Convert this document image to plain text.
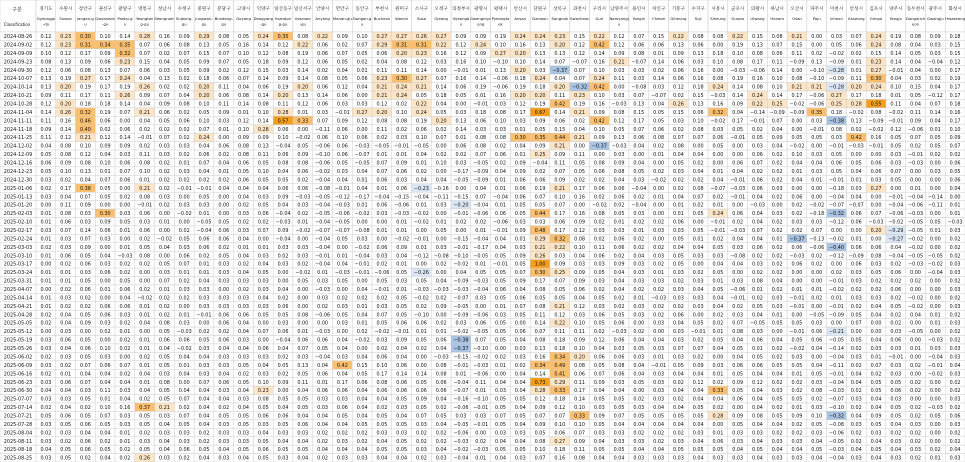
경기도
Gyeonggi
-do
수원시
Suwon
장안구
Jangan-g
u
권선구
Gwonseon
-gu
팔달구
Paldal-g
u
영통구
Yeongton
g-gu
성남시
Seongnam
수정구
Sujeong-
gu
중원구
Jungwon-
gu
분당구
Bundang-
gu
고양시
Goyang
덕양구
Deogyang
-gu
일산동구
Ilsandon
g-gu
일산서구
Ilsanseo
-gu
안양시
Anyang
만안구
Manan-gu
동안구
Dongan-g
u
부천시
Bucheon
원미구
Wonmi
소사구
Sosa
오정구
Ojeong
의정부시
Uijeongb
u
광명시
Gwangmye
ong
평택시
Pyeongta
ek
안산시
Ansan
단원구
Danwon
상록구
Sangnok
과천시
Gwacheon
구리시
Guri
남양주시
Namyangj
u
용인시
Yongin
처인구
Cheoin
기흥구
Giheung
수지구
Suji
시흥시
Siheung
군포시
Gunpo
의왕시
Uiwang
하남시
Hanam
오산시
Osan
파주시
Paju
이천시
Icheon
안성시
Anseong
김포시
Gimpo
양주시
Yangju
동두천시
Dongduch
eon
광주시
Gwangju
화성시
Hwaseong
2024-08-26 0.12 0.23 0.30 0.10 0.14 0.28 0.16 0.09 0.29 0.08 0.05 0.24 0.35 0.08 0.22 0.09 0.10 0.27 0.27 0.26 0.27 0.09 0.09 0.19 0.24 0.24 0.23 0.15 0.22 0.12 0.07 0.15 0.22 0.08 0.08 0.22 0.15 0.08 0.21 0.00 0.03 0.07 0.24 0.19 0.08 0.09 0.18
2024-09-02 0.12 0.23 0.31 0.34 0.35 0.07 0.06 0.08 0.13 0.05 0.16 0.14 0.12 0.22 0.06 0.02 0.07 0.29 0.31 0.31 0.22 0.12 0.24 0.10 0.16 0.13 0.20 0.12 0.42 0.12 0.06 0.06 0.13 0.06 0.00 0.19 0.13 0.07 0.15 0.00 0.05 0.06 0.24 0.08 0.04 0.03 0.15
2024-09-09 0.10 0.12 0.17 0.09 0.32 0.07 0.02 0.07 0.15 0.07 0.10 0.12 0.08 0.19 0.06 0.07 0.05 0.06 0.20 0.23 0.16 0.12 0.09 0.27 0.20 0.13 0.13 0.12 0.14 0.09 0.08 0.01 0.09 0.13 0.18 0.10 0.08 0.06 0.11 0.02 −0.02 0.02 0.15 0.14 0.05 0.03 0.15
2024-09-23 0.08 0.13 0.09 0.06 0.23 0.15 0.04 0.05 0.09 0.07 0.05 0.18 0.09 0.12 0.06 0.05 0.02 0.04 0.08 0.12 0.03 0.16 0.10 −0.10 0.10 0.14 0.07 −0.07 0.16 0.21 −0.07 0.14 0.06 0.03 0.10 0.08 0.17 0.11 −0.09 0.13 −0.09 0.01 0.23 0.14 0.04 −0.04 0.12
2024-09-30 0.12 0.06 0.08 0.13 0.07 0.06 0.03 0.05 0.09 0.02 0.12 0.15 0.03 0.14 0.02 0.04 0.01 0.11 0.11 0.14 0.00 −0.01 0.01 0.13 0.20 0.03 −0.37 0.07 0.10 0.03 0.03 0.02 0.06 0.16 0.00 −0.03 −0.06 0.14 0.00 −0.10 −0.28 0.01 0.27 −0.01 0.04 0.00 0.17
2024-10-07 0.13 0.19 0.27 0.17 0.24 0.04 0.13 0.02 0.18 0.06 0.07 0.14 0.09 0.14 0.08 0.05 0.06 0.23 0.30 0.27 0.07 0.16 0.14 −0.06 0.18 0.24 0.04 0.07 0.24 0.11 0.03 0.14 0.06 0.16 0.08 0.19 0.16 0.10 0.08 −0.10 −0.09 0.11 0.30 0.04 0.03 0.02 0.19
2024-10-14 0.13 0.20 0.19 0.17 0.19 0.26 0.02 0.02 0.20 0.11 0.04 0.06 0.19 0.20 0.06 0.12 0.04 0.21 0.24 0.21 0.14 0.06 0.19 −0.06 0.19 0.18 0.20 −0.32 0.42 0.00 −0.08 0.03 0.12 0.18 0.24 0.14 0.08 0.10 0.21 0.21 −0.28 0.20 0.24 0.10 0.15 0.04 0.17
2024-10-21 0.09 0.11 0.17 0.11 0.26 0.09 0.07 0.04 0.20 0.06 0.08 0.14 0.20 0.13 0.14 0.06 0.00 0.21 0.24 0.05 0.18 0.05 0.01 0.16 0.20 0.20 0.11 0.23 0.10 0.03 0.07 −0.07 0.02 0.15 −0.03 0.14 0.24 0.14 0.17 −0.06 0.27 0.17 0.18 0.01 0.05 −0.12 0.17
2024-10-28 0.12 0.20 0.18 0.18 0.14 0.04 0.09 0.08 0.10 0.11 0.14 0.08 0.11 0.12 0.06 0.03 0.03 0.12 0.02 0.22 0.04 0.00 −0.01 0.03 0.12 0.19 0.42 0.19 0.16 −0.03 0.13 0.04 0.26 0.13 0.16 0.09 0.22 0.25 −0.02 −0.06 0.25 0.28 0.55 0.11 0.04 0.07 0.18
2024-11-04 0.14 0.26 0.32 0.19 0.07 0.21 0.06 0.02 0.05 0.09 0.01 0.10 0.28 0.01 0.03 −0.01 0.27 0.20 0.10 0.24 0.05 0.03 0.18 0.08 0.17 0.67 0.14 0.21 0.09 0.08 0.15 0.05 0.15 0.06 0.32 0.04 −0.14 −0.09 −0.09 0.35 0.18 −0.02 0.08 −0.02 0.11 0.14 0.16
2024-11-11 0.11 0.16 0.46 0.06 0.00 0.04 0.05 0.06 0.10 0.03 0.12 0.14 0.57 0.33 0.07 0.09 0.12 0.08 0.08 0.19 0.20 0.13 0.06 0.10 0.03 0.09 0.06 0.02 0.42 0.12 0.17 0.05 0.03 0.10 −0.02 0.17 −0.01 0.07 0.00 0.03 −0.38 0.13 −0.09 −0.01 0.09 0.04 0.17
2024-11-18 0.09 0.14 0.40 0.02 0.06 0.02 0.02 0.02 0.07 0.01 0.10 0.28 0.06 0.00 −0.11 0.06 0.00 0.11 0.02 0.06 0.02 0.14 0.03 0.03 0.01 0.05 0.15 0.04 0.10 0.05 0.07 0.06 0.02 0.08 0.03 0.05 0.02 0.04 0.00 −0.01 0.08 0.02 −0.02 0.12 −0.06 0.01 0.10
2024-11-25 0.11 0.12 0.21 0.12 0.14 −0.01 0.07 0.02 0.24 0.00 0.09 0.09 0.10 −0.02 0.06 0.10 0.06 0.02 0.03 0.10 0.07 0.01 0.08 0.08 0.30 0.35 0.44 0.21 0.09 0.13 0.06 0.08 0.07 0.07 0.06 −0.01 0.05 0.09 0.05 0.05 0.03 0.42 0.16 0.05 0.07 0.05 0.09
2024-12-02 0.04 0.08 0.10 0.09 0.09 0.02 0.03 0.03 0.04 0.06 0.08 0.13 −0.04 0.05 −0.06 0.06 −0.03 −0.05 −0.01 −0.05 0.00 0.06 0.08 0.02 0.04 0.09 0.21 0.00 −0.37 −0.03 0.04 0.02 0.08 0.00 0.05 0.00 0.03 0.04 −0.02 0.00 −0.01 −0.03 −0.01 0.05 0.02 0.05 0.07
2024-12-09 0.05 0.08 0.12 0.04 0.03 0.11 0.03 0.02 0.06 0.02 0.08 0.11 0.06 0.09 −0.10 0.06 −0.07 0.01 0.01 0.04 0.02 0.02 0.07 0.06 0.01 0.25 0.09 0.11 0.00 0.03 0.00 0.01 0.04 0.04 0.00 0.00 0.06 0.02 0.10 0.03 0.05 0.00 0.00 0.03 −0.01 0.02 0.02
2024-12-16 0.06 0.09 0.08 0.10 0.06 0.08 0.02 0.01 0.07 0.04 0.06 0.05 0.08 0.08 −0.06 0.05 −0.05 0.07 0.09 0.01 0.10 0.03 −0.05 0.02 0.09 −0.04 0.11 0.05 0.08 0.09 0.04 0.00 0.05 0.02 0.00 0.06 0.07 0.02 0.04 0.04 0.06 0.05 0.06 0.03 −0.03 0.00 0.06
2024-12-23 0.05 0.10 0.13 0.01 0.07 0.10 0.02 0.03 0.04 0.01 0.05 0.10 0.04 0.06 −0.02 0.03 0.04 0.07 0.06 0.02 0.00 −0.17 −0.09 0.04 0.09 0.02 0.07 0.05 0.06 0.08 0.05 0.02 0.03 0.04 0.01 0.04 0.02 0.02 0.01 0.03 0.05 0.04 0.06 0.07 0.00 0.03 0.05
2024-12-30 0.03 0.02 0.04 0.07 0.06 0.01 0.02 0.02 0.02 0.02 0.06 0.05 0.05 0.02 −0.04 0.04 0.01 0.06 0.03 0.04 0.04 −0.05 −0.09 0.01 0.06 0.06 0.09 0.02 0.02 0.04 0.03 −0.02 0.02 0.02 0.04 −0.01 0.06 0.02 0.04 0.01 −0.01 0.01 0.03 0.05 0.00 0.00 0.06
2025-01-06 0.02 0.17 0.38 0.05 0.00 0.21 0.02 −0.01 −0.01 0.04 0.04 0.04 0.06 0.06 −0.08 −0.01 0.04 0.01 0.06 −0.23 −0.16 0.00 0.04 0.01 0.06 0.19 0.21 0.17 0.06 0.06 −0.04 0.00 0.02 0.08 −0.07 −0.03 0.06 0.03 0.00 0.00 −0.18 0.03 0.27 0.00 0.01 0.00 0.04
2025-01-13 0.03 0.04 0.07 0.05 0.02 0.08 0.03 0.00 0.05 0.00 0.04 0.03 0.09 −0.03 −0.05 −0.12 −0.17 −0.04 −0.15 −0.04 −0.11 −0.15 0.07 −0.04 0.06 0.07 0.10 0.16 0.02 0.06 0.02 0.01 0.04 0.07 0.02 −0.01 0.04 0.02 0.06 0.00 −0.04 0.04 0.00 −0.01 −0.04 −0.14 0.00
2025-01-20 0.00 0.11 0.09 0.00 0.00 −0.01 0.02 0.03 0.03 0.00 0.02 0.05 0.04 0.03 −0.04 −0.03 0.01 0.06 −0.06 0.01 0.03 −0.20 −0.04 0.01 0.05 0.05 0.07 0.00 −0.02 0.02 −0.04 0.00 0.01 0.02 0.01 0.00 −0.03 0.00 0.02 −0.02 −0.07 −0.07 0.00 −0.04 −0.06 −0.11 0.01
2025-02-03 0.01 0.08 0.03 0.30 0.03 0.06 0.00 −0.02 0.01 0.00 0.03 0.06 −0.04 0.02 −0.05 −0.06 −0.02 0.03 −0.03 −0.02 0.00 −0.01 −0.06 0.06 0.05 0.44 0.17 0.16 0.08 0.05 0.03 0.00 0.01 0.05 0.24 0.06 0.04 0.03 0.02 −0.18 −0.32 0.06 0.07 −0.06 −0.03 0.00 0.01
2025-02-10 0.01 0.06 0.03 0.09 0.05 0.03 0.01 0.00 −0.05 0.05 0.02 0.02 −0.03 0.01 −0.04 −0.05 0.00 0.00 0.01 −0.02 0.01 0.02 0.02 −0.06 0.03 0.03 0.06 0.09 0.02 0.01 0.02 0.02 0.06 0.00 −0.01 0.02 0.04 0.02 0.03 0.03 −0.12 0.06 −0.03 −0.02 −0.05 0.05 −0.03
2025-02-17 0.03 0.07 0.14 0.06 0.01 0.06 0.00 0.02 −0.04 0.06 0.03 0.07 0.09 −0.02 −0.07 −0.07 −0.08 0.01 0.01 0.00 0.05 0.00 0.01 −0.01 0.09 0.48 0.17 0.12 0.03 0.03 0.01 0.03 0.03 0.05 −0.01 −0.03 0.07 0.02 0.02 0.07 0.00 0.00 0.20 −0.29 −0.05 0.01 0.03
2025-02-24 0.01 0.03 0.07 0.03 0.00 0.02 −0.02 0.05 0.06 0.06 0.04 0.00 −0.04 0.00 −0.04 0.05 0.03 0.00 −0.02 −0.01 0.00 −0.15 −0.04 0.04 0.01 0.29 0.32 0.08 0.02 0.06 0.02 0.00 0.05 0.01 0.02 0.04 0.04 0.01 −0.37 −0.13 −0.02 0.01 0.00 −0.27 −0.02 0.00 0.02
2025-03-03 0.02 0.03 0.09 0.00 0.01 0.05 0.04 0.03 0.06 0.02 0.01 0.01 0.03 0.03 −0.04 0.00 −0.02 0.06 0.09 0.01 0.03 −0.01 −0.17 0.04 0.03 0.21 0.22 0.10 0.11 0.06 0.02 0.02 0.04 0.04 0.05 0.03 0.06 0.02 0.06 −0.06 −0.40 0.06 0.06 0.04 −0.02 0.00 0.02
2025-03-10 0.01 0.06 0.05 0.04 −0.03 0.08 0.00 0.06 0.02 0.05 0.04 0.03 0.02 0.03 −0.01 0.01 −0.04 0.03 0.04 −0.12 −0.08 −0.10 −0.05 0.05 0.09 0.26 0.03 0.04 0.06 0.02 0.04 0.03 0.05 0.03 0.03 −0.08 0.02 0.02 −0.03 0.02 −0.12 −0.09 0.08 −0.04 −0.05 −0.05 0.02
2025-03-17 0.00 0.02 0.06 0.03 0.02 0.02 0.05 0.07 0.01 0.03 0.02 0.04 0.03 0.02 −0.04 0.04 −0.01 0.02 0.01 0.00 0.02 −0.02 0.01 −0.01 0.05 1.00 0.09 0.03 0.03 0.09 0.03 0.02 0.05 0.00 0.04 0.04 0.03 0.02 0.06 0.02 0.00 0.06 0.03 0.02 −0.03 −0.02 0.03
2025-03-24 0.01 0.01 0.03 0.06 0.02 0.00 0.03 0.01 0.01 0.03 0.04 0.05 0.00 −0.02 0.01 −0.03 −0.01 −0.06 0.05 −0.26 0.00 0.04 0.05 0.05 0.07 0.30 0.25 0.09 0.05 0.04 0.03 0.01 0.03 0.02 0.05 0.00 0.02 0.02 0.00 0.00 0.02 0.03 0.05 0.06 0.00 −0.04 0.03
2025-03-31 0.01 0.01 0.05 0.00 0.05 0.00 0.07 0.02 0.04 0.03 0.03 0.03 0.00 0.05 0.03 0.05 0.00 0.05 0.03 0.05 0.04 −0.09 −0.03 0.05 0.09 0.17 0.07 0.09 0.03 0.04 0.03 0.03 0.02 0.03 0.01 0.03 0.08 0.04 0.00 0.00 −0.01 0.03 0.02 0.02 0.02 0.00 0.02
2025-04-07 0.00 0.02 0.06 0.01 0.06 0.02 0.01 0.03 0.03 0.00 0.02 0.03 0.04 0.00 −0.03 0.00 0.04 −0.01 0.01 −0.03 −0.03 −0.03 −0.04 0.06 0.04 0.08 0.05 0.06 0.02 0.04 0.02 0.02 0.03 0.04 0.05 −0.06 0.01 0.02 0.01 0.01 −0.02 0.02 0.02 0.06 0.00 0.00 0.03
2025-04-14 0.01 0.03 0.02 0.00 0.04 −0.02 0.02 0.02 0.03 0.03 0.03 0.04 0.02 0.00 0.03 0.02 0.02 0.02 0.05 −0.02 0.02 −0.07 0.03 0.05 0.06 0.05 0.05 0.04 0.05 0.02 0.01 −0.03 0.03 0.03 0.04 −0.01 0.02 0.03 −0.01 0.02 0.01 0.03 0.03 0.02 −0.02 0.00 0.02
2025-04-21 0.01 0.02 0.02 0.06 0.06 0.01 0.02 0.00 0.03 0.03 0.03 0.03 0.06 0.00 0.02 0.03 0.01 0.03 0.05 0.02 0.09 −0.05 0.00 0.01 0.07 0.08 0.21 0.12 0.03 0.02 0.03 0.02 0.02 0.03 0.04 0.02 0.05 0.03 −0.01 0.00 −0.01 0.02 0.04 0.05 −0.02 0.00 0.03
2025-04-28 0.02 0.04 0.05 0.06 0.03 0.01 0.02 0.01 −0.01 0.06 0.06 0.05 0.05 0.08 −0.06 0.05 0.04 0.07 0.05 −0.10 0.00 −0.09 −0.06 0.03 0.05 0.11 0.12 0.03 0.06 0.05 0.03 0.02 0.06 0.00 0.02 0.03 0.04 0.01 0.00 −0.05 −0.09 0.05 0.04 0.02 0.04 0.01 0.02
2025-05-05 0.02 0.04 0.09 0.03 0.02 0.04 0.08 0.03 0.00 0.06 0.04 0.00 0.03 0.00 0.00 0.03 0.01 0.05 0.06 0.06 0.02 0.03 0.06 0.05 0.00 0.14 0.22 0.10 0.05 0.06 0.00 0.03 0.04 0.05 0.02 0.07 −0.05 0.05 0.05 0.03 0.00 0.07 0.00 0.02 0.00 0.01 0.03
2025-05-12 0.00 0.03 0.00 0.02 0.01 0.00 0.05 −0.03 0.02 0.02 0.04 0.07 0.06 0.01 −0.03 0.00 0.02 −0.02 −0.01 0.01 0.01 −0.02 −0.05 0.05 0.06 0.07 0.11 0.11 0.02 −0.03 0.02 0.00 0.03 −0.01 0.01 0.08 0.03 0.00 −0.01 0.06 −0.21 0.00 0.00 0.03 −0.05 0.00 0.02
2025-05-19 0.03 0.06 0.05 0.00 0.02 0.01 0.06 0.06 0.05 0.06 0.03 0.00 −0.04 0.06 0.06 0.04 −0.02 0.03 0.09 0.05 0.06 −0.38 0.07 0.05 0.04 0.08 0.18 0.09 0.12 0.06 0.04 0.04 0.03 0.02 0.05 0.04 0.06 0.04 0.05 0.06 −0.05 0.05 0.04 0.06 0.00 −0.03 0.02
2025-05-26 0.03 0.04 0.06 0.10 0.02 0.01 0.04 −0.02 0.03 0.04 0.04 0.06 0.04 0.07 0.05 0.04 0.00 0.02 0.04 0.02 0.04 −0.37 −0.10 0.00 0.03 0.13 0.18 0.10 0.04 0.03 0.05 0.03 0.07 0.07 0.04 0.05 0.01 0.02 −0.02 0.04 −0.14 0.02 0.03 0.03 0.01 0.03 0.03
2025-06-02 0.02 0.03 0.05 0.03 0.00 0.02 0.05 0.04 0.04 0.03 0.03 0.03 0.02 0.03 −0.04 0.03 0.04 0.06 0.04 0.00 −0.03 −0.15 −0.02 0.02 0.03 0.16 0.34 0.20 0.06 0.06 0.03 0.01 0.03 0.02 0.00 0.04 0.05 0.02 0.03 0.00 −0.04 0.03 0.01 −0.01 0.00 −0.04 0.03
2025-06-09 0.03 0.02 0.07 0.06 0.07 0.01 0.05 0.01 0.03 0.03 0.05 0.04 0.05 0.13 0.04 0.42 0.15 0.10 0.06 0.00 0.08 −0.01 −0.03 0.01 0.02 0.34 0.49 0.08 0.05 0.08 0.04 −0.01 0.05 0.09 0.03 0.06 0.06 0.05 0.05 0.04 −0.11 0.02 0.07 0.03 0.02 −0.01 0.04
2025-06-16 0.02 0.01 0.04 0.04 0.02 0.04 0.03 0.04 0.03 0.04 0.02 0.03 0.02 0.05 0.06 0.04 0.05 0.17 0.14 0.14 0.08 0.01 −0.06 0.00 0.04 0.14 0.41 0.06 0.07 0.06 0.04 0.03 0.04 0.04 0.01 0.05 0.04 0.04 0.01 0.05 −0.01 0.04 0.02 0.03 0.00 −0.02 0.03
2025-06-23 0.03 0.06 0.07 0.04 0.04 0.01 0.08 0.00 0.07 0.06 0.05 0.10 0.09 0.11 0.01 0.17 0.06 0.08 0.06 0.05 0.06 −0.04 0.11 0.04 0.04 0.73 0.29 0.11 0.09 0.03 0.05 0.03 0.02 0.12 0.02 0.09 0.12 0.02 0.02 0.03 −0.04 0.04 0.05 0.05 0.02 0.00 0.02
2025-06-30 0.04 0.04 0.03 0.11 0.03 0.04 0.05 0.04 0.04 0.03 0.04 0.23 0.00 0.04 0.06 0.06 0.04 0.06 0.06 0.06 0.06 −0.07 0.01 0.03 0.04 0.28 0.33 0.17 0.04 0.04 0.00 0.03 0.04 0.04 0.33 0.05 0.04 0.03 0.02 0.08 −0.03 0.02 0.05 0.06 0.02 0.00 0.02
2025-07-07 0.03 0.03 0.05 0.01 0.04 0.02 0.05 0.07 0.04 0.04 0.03 0.08 0.05 0.05 0.03 0.03 0.04 0.04 0.05 0.09 0.04 −0.16 −0.10 0.05 0.05 0.12 0.18 0.14 0.05 0.05 0.02 0.03 0.02 0.04 0.04 0.06 0.04 0.05 0.05 0.02 −0.07 0.03 0.04 0.03 0.00 0.00 0.03
2025-07-14 0.02 0.04 0.02 0.10 0.16 0.37 0.21 0.02 0.04 0.02 0.04 0.05 0.04 0.05 0.03 0.06 0.04 0.02 0.03 0.05 0.02 −0.06 −0.01 0.05 0.04 0.09 0.12 0.10 0.03 0.05 0.03 0.04 0.04 0.05 0.02 0.00 0.04 0.02 0.01 0.03 −0.10 0.02 0.04 0.05 0.02 −0.03 0.02
2025-07-21 0.05 0.06 0.05 0.07 0.03 0.05 0.03 0.07 0.04 0.05 0.05 0.06 0.06 0.04 0.04 0.05 0.04 0.05 0.04 0.07 0.05 0.03 0.03 0.07 0.05 0.07 0.07 0.33 0.09 0.07 0.05 0.05 0.05 0.05 0.28 0.09 0.08 0.05 0.09 0.10 −0.32 0.04 0.09 0.05 0.02 0.05 0.06
2025-07-28 0.03 0.05 0.06 0.05 0.03 0.05 0.04 0.05 0.04 0.03 0.05 0.03 0.05 0.06 0.04 0.04 0.05 0.05 0.05 0.03 0.04 −0.05 −0.01 0.05 0.04 0.09 0.10 0.10 0.05 0.04 0.04 0.04 0.04 0.04 0.00 0.05 0.04 0.04 0.02 0.05 −0.08 0.03 0.05 0.04 0.03 0.00 0.03
2025-08-04 0.02 0.03 0.04 0.04 0.01 0.02 0.03 0.03 0.02 0.03 0.03 0.04 0.03 0.03 0.02 0.02 0.02 0.03 0.03 0.02 0.02 −0.06 0.00 0.03 0.03 0.05 0.06 0.07 0.03 0.03 0.02 0.02 0.02 0.03 0.01 0.03 0.03 0.02 0.02 0.03 −0.06 0.02 0.03 0.02 0.02 0.00 0.02
2025-08-11 0.03 0.02 0.06 0.02 0.01 0.03 0.04 0.03 0.02 0.03 0.03 0.05 0.04 0.04 0.02 0.03 0.02 0.04 0.05 0.02 0.02 −0.03 0.02 0.04 0.04 0.08 0.27 0.09 0.04 0.03 0.03 0.02 0.03 0.04 0.06 0.03 0.04 0.03 0.03 0.04 −0.05 0.02 0.04 0.03 0.02 0.00 0.02
2025-08-18 0.04 0.05 0.06 0.05 0.02 0.05 0.04 0.06 0.05 0.04 0.05 0.06 0.05 0.05 0.04 0.04 0.04 0.05 0.05 0.03 0.04 −0.02 −0.03 0.05 0.05 0.10 0.18 0.11 0.05 0.05 0.04 0.04 0.05 0.05 0.05 0.04 0.05 0.04 0.04 0.05 −0.03 0.04 0.05 0.04 0.03 0.02 0.04
2025-08-25 0.03 0.05 0.02 0.04 0.02 0.26 0.03 0.02 0.04 0.03 0.04 0.05 0.03 0.04 0.02 0.03 0.03 0.04 0.04 0.02 0.03 −0.04 0.01 0.04 0.03 0.07 0.16 0.08 0.04 0.04 0.03 0.03 0.03 0.04 0.03 0.03 0.04 0.03 0.03 0.04 −0.04 0.03 0.04 0.03 0.02 0.01 0.03
구분
Classification
